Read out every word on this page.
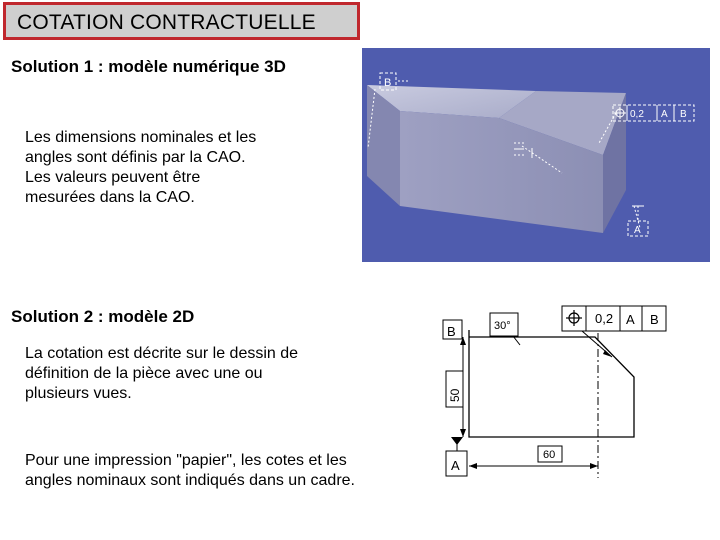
COTATION CONTRACTUELLE
Solution 1 : modèle numérique 3D
Les dimensions nominales et les
angles sont définis par la CAO.
Les valeurs peuvent être
mesurées dans la CAO.
B
0,2 A B
A
Solution 2 : modèle 2D
La cotation est décrite sur le dessin de
définition de la pièce avec une ou
plusieurs vues.
Pour une impression "papier", les cotes et les
angles nominaux sont indiqués dans un cadre.
B	30°	0,2 A B
50
A
60
